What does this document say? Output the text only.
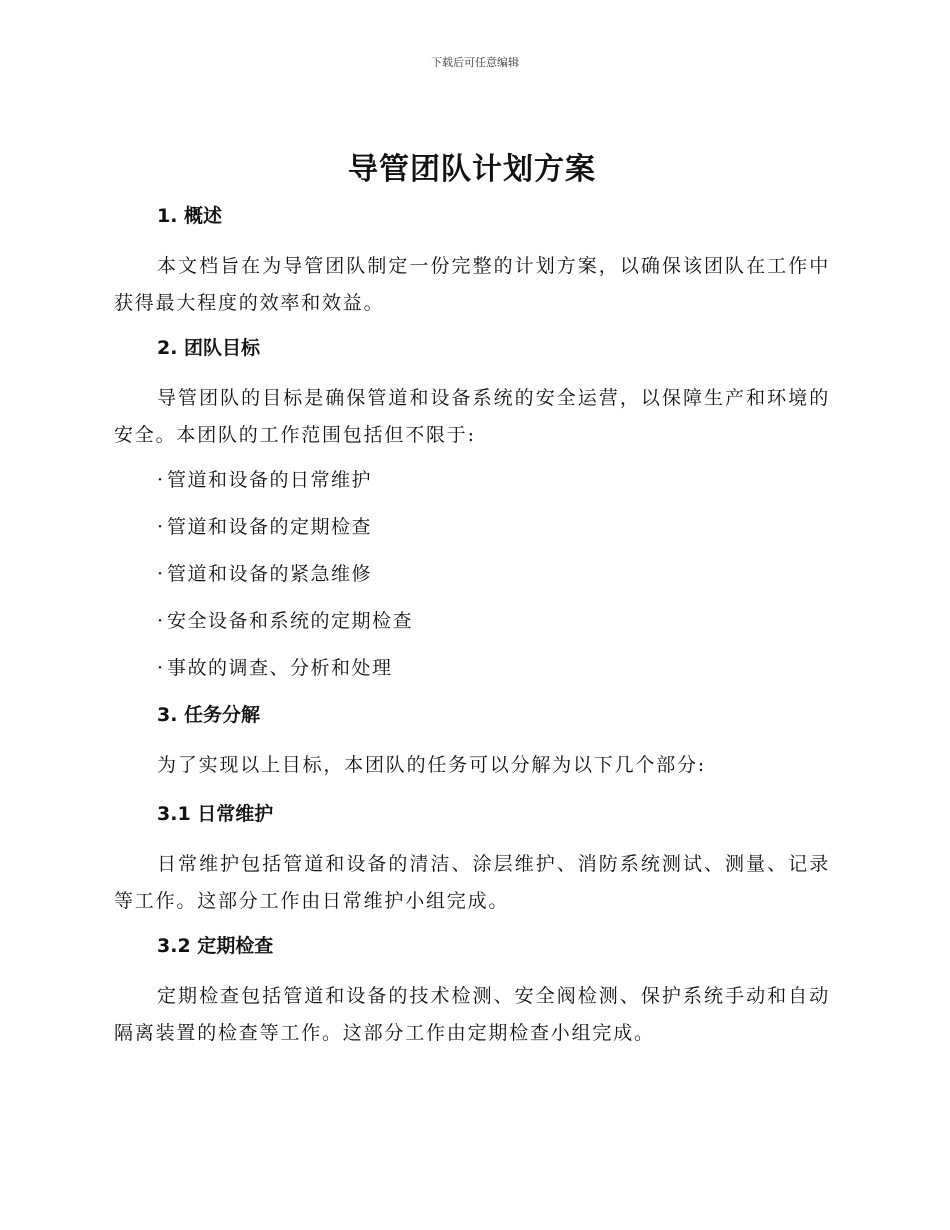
下载后可任意编辑
导管团队计划方案
1. 概述
本文档旨在为导管团队制定一份完整的计划方案，以确保该团队在工作中获得最大程度的效率和效益。
2. 团队目标
导管团队的目标是确保管道和设备系统的安全运营，以保障生产和环境的安全。本团队的工作范围包括但不限于:
· 管道和设备的日常维护
· 管道和设备的定期检查
· 管道和设备的紧急维修
· 安全设备和系统的定期检查
· 事故的调查、分析和处理
3. 任务分解
为了实现以上目标，本团队的任务可以分解为以下几个部分:
3.1 日常维护
日常维护包括管道和设备的清洁、涂层维护、消防系统测试、测量、记录等工作。这部分工作由日常维护小组完成。
3.2 定期检查
定期检查包括管道和设备的技术检测、安全阀检测、保护系统手动和自动隔离装置的检查等工作。这部分工作由定期检查小组完成。
